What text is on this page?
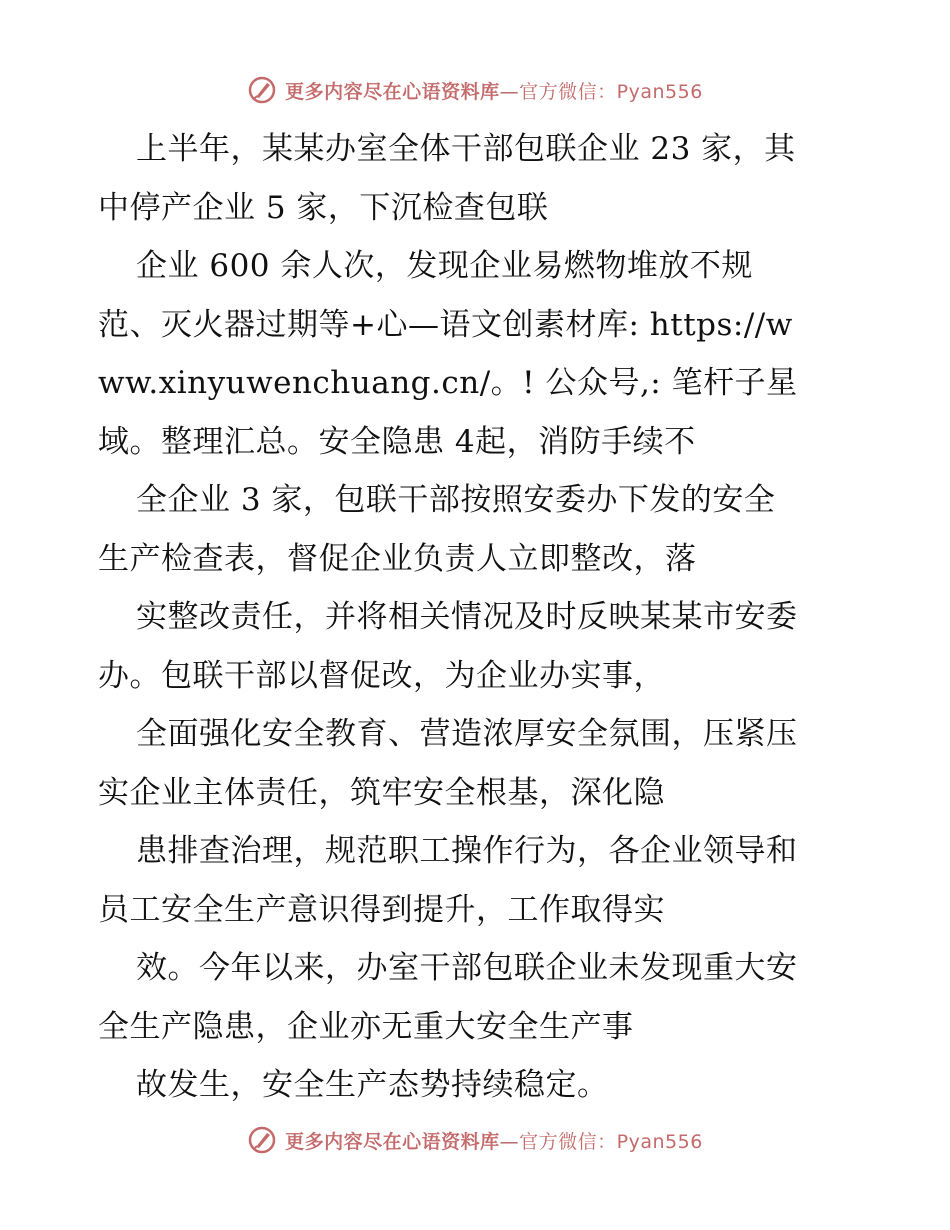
更多内容尽在心语资料库—官方微信：Pyan556
上半年，某某办室全体干部包联企业 23 家，其
中停产企业 5 家，下沉检查包联
企业 600 余人次，发现企业易燃物堆放不规
范、灭火器过期等+心—语文创素材库: https://w
ww.xinyuwenchuang.cn/。! 公众号,: 笔杆子星
域。整理汇总。安全隐患 4起，消防手续不
全企业 3 家，包联干部按照安委办下发的安全
生产检查表，督促企业负责人立即整改，落
实整改责任，并将相关情况及时反映某某市安委
办。包联干部以督促改，为企业办实事，
全面强化安全教育、营造浓厚安全氛围，压紧压
实企业主体责任，筑牢安全根基，深化隐
患排查治理，规范职工操作行为，各企业领导和
员工安全生产意识得到提升，工作取得实
效。今年以来，办室干部包联企业未发现重大安
全生产隐患，企业亦无重大安全生产事
故发生，安全生产态势持续稳定。
更多内容尽在心语资料库—官方微信：Pyan556
